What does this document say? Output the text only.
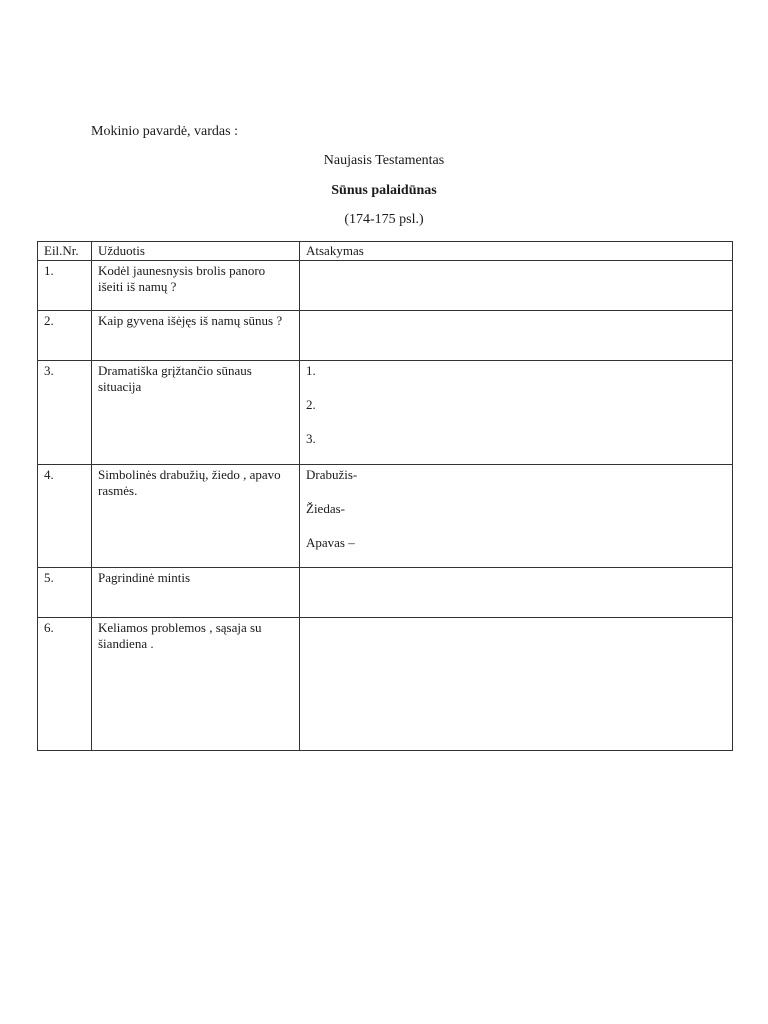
Mokinio pavardė, vardas :
Naujasis Testamentas
Sūnus palaidūnas
(174-175 psl.)
Eil.Nr.	Užduotis	Atsakymas
1.	Kodėl jaunesnysis brolis panoro išeiti iš namų ?	
2.	Kaip gyvena išėjęs iš namų sūnus ?	
3.	Dramatiška grįžtančio sūnaus situacija	1.
2.
3.

4.	Simbolinės drabužių, žiedo , apavo rasmės.	Drabužis-
Žiedas-
Apavas –

5.	Pagrindinė mintis	
6.	Keliamos problemos , sąsaja su šiandiena .	
